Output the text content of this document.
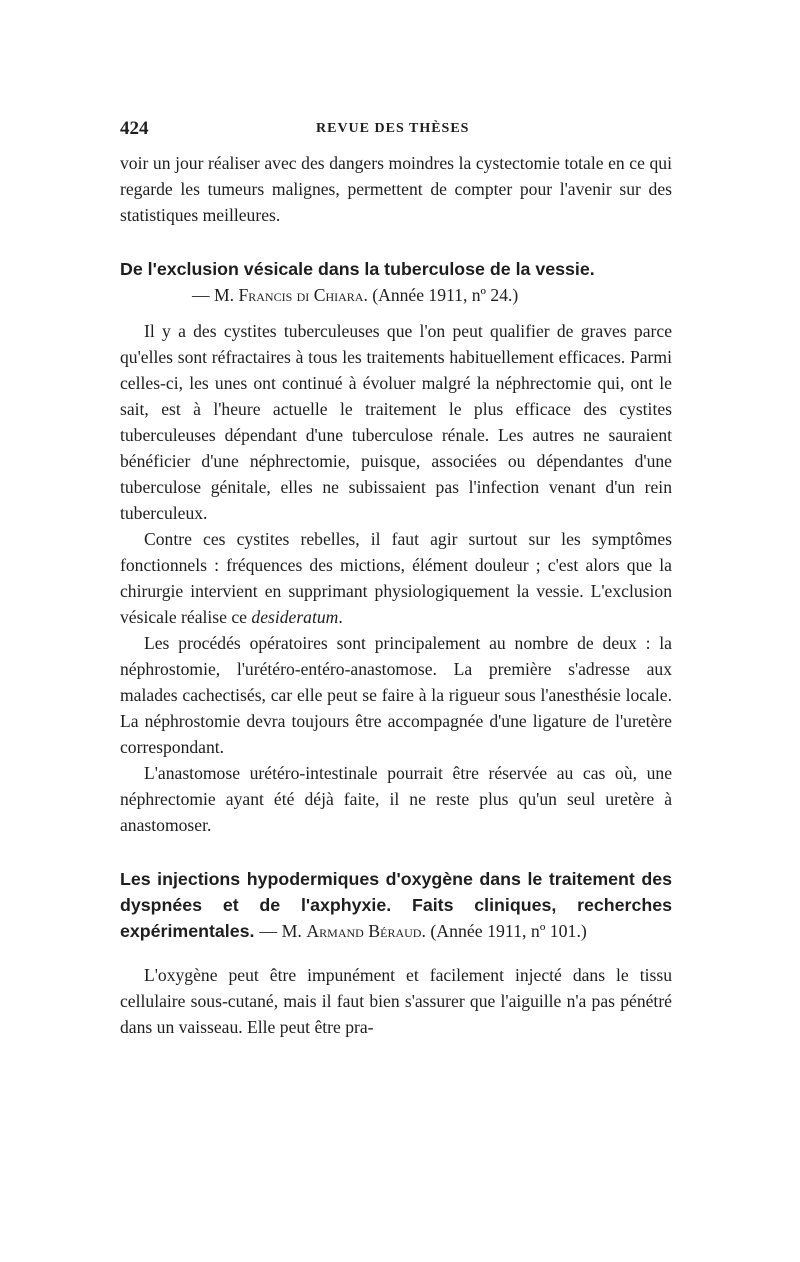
424	REVUE DES THÈSES

voir un jour réaliser avec des dangers moindres la cystectomie totale en ce qui regarde les tumeurs malignes, permettent de compter pour l'avenir sur des statistiques meilleures.

De l'exclusion vésicale dans la tuberculose de la vessie.

— M. Francis di Chiara. (Année 1911, nº 24.)

Il y a des cystites tuberculeuses que l'on peut qualifier de graves parce qu'elles sont réfractaires à tous les traitements habituellement efficaces. Parmi celles-ci, les unes ont continué à évoluer malgré la néphrectomie qui, ont le sait, est à l'heure actuelle le traitement le plus efficace des cystites tuberculeuses dépendant d'une tuberculose rénale. Les autres ne sauraient bénéficier d'une néphrectomie, puisque, associées ou dépendantes d'une tuberculose génitale, elles ne subissaient pas l'infection venant d'un rein tuberculeux.

Contre ces cystites rebelles, il faut agir surtout sur les symptômes fonctionnels : fréquences des mictions, élément douleur ; c'est alors que la chirurgie intervient en supprimant physiologiquement la vessie. L'exclusion vésicale réalise ce desideratum.

Les procédés opératoires sont principalement au nombre de deux : la néphrostomie, l'urétéro-entéro-anastomose. La première s'adresse aux malades cachectisés, car elle peut se faire à la rigueur sous l'anesthésie locale. La néphrostomie devra toujours être accompagnée d'une ligature de l'uretère correspondant.

L'anastomose urétéro-intestinale pourrait être réservée au cas où, une néphrectomie ayant été déjà faite, il ne reste plus qu'un seul uretère à anastomoser.

Les injections hypodermiques d'oxygène dans le traitement des dyspnées et de l'axphyxie. Faits cliniques, recherches expérimentales. — M. Armand Béraud. (Année 1911, nº 101.)

L'oxygène peut être impunément et facilement injecté dans le tissu cellulaire sous-cutané, mais il faut bien s'assurer que l'aiguille n'a pas pénétré dans un vaisseau. Elle peut être pra-
